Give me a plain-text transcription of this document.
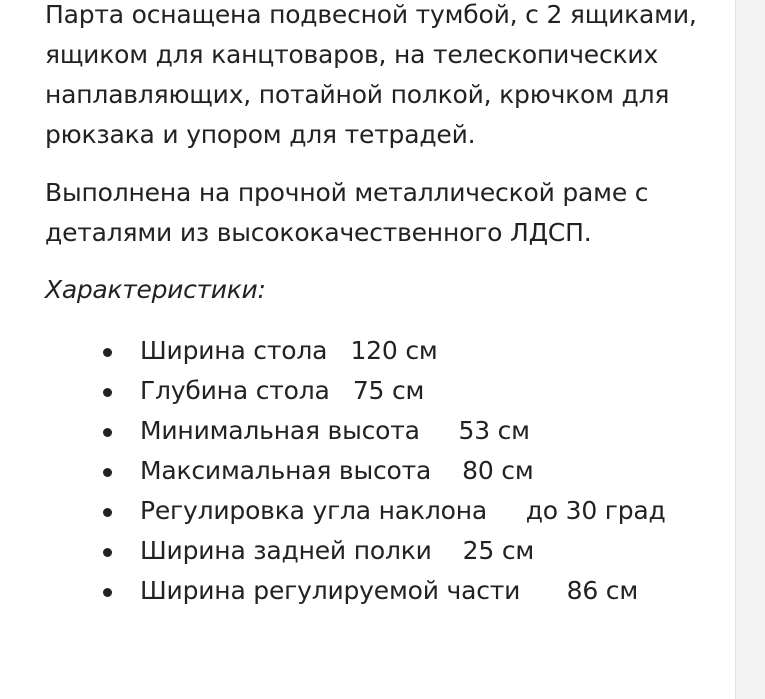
Парта оснащена подвесной тумбой, с 2 ящиками, ящиком для канцтоваров, на телескопических наплавляющих, потайной полкой, крючком для рюкзака и упором для тетрадей.

Выполнена на прочной металлической раме с деталями из высококачественного ЛДСП.

Характеристики:

Ширина стола   120 см
Глубина стола   75 см
Минимальная высота     53 см
Максимальная высота    80 см
Регулировка угла наклона     до 30 град
Ширина задней полки    25 см
Ширина регулируемой части      86 см
